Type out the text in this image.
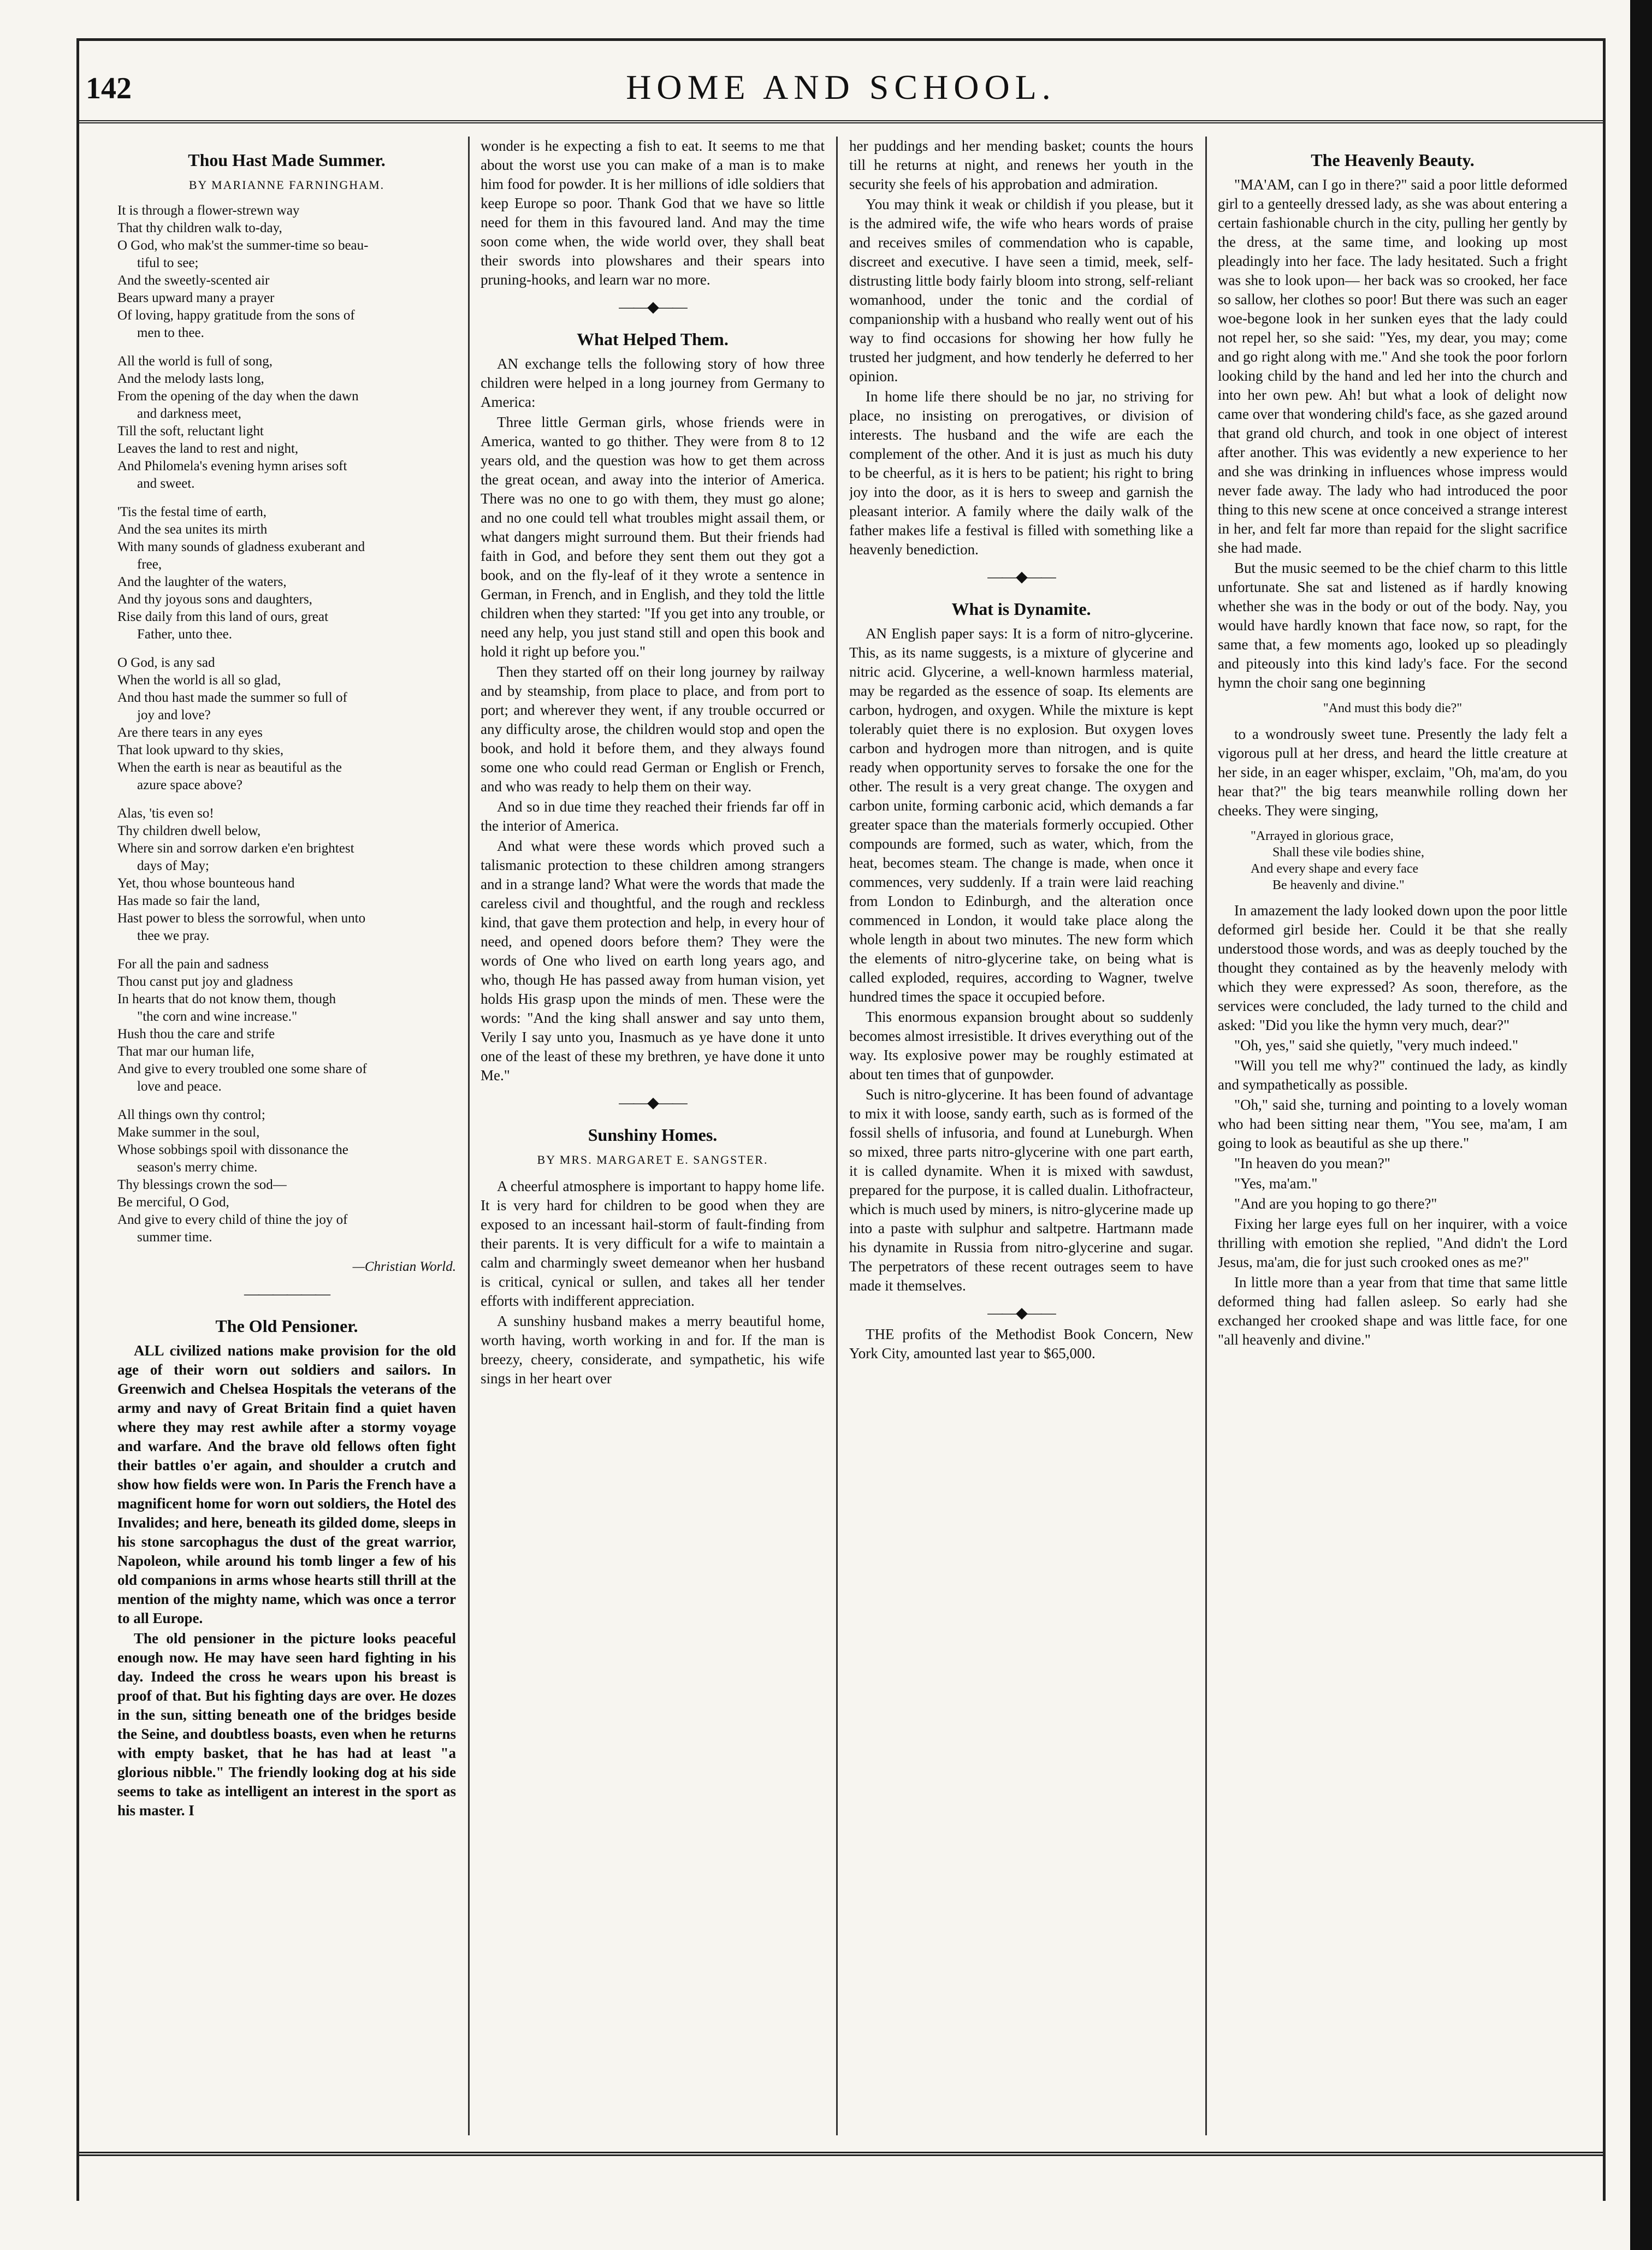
142	HOME AND SCHOOL.
Thou Hast Made Summer.
BY MARIANNE FARNINGHAM.
It is through a flower-strewn way
That thy children walk to-day,
O God, who mak'st the summer-time so beau-
tiful to see;
And the sweetly-scented air
Bears upward many a prayer
Of loving, happy gratitude from the sons of
men to thee.
All the world is full of song,
And the melody lasts long,
From the opening of the day when the dawn
and darkness meet,
Till the soft, reluctant light
Leaves the land to rest and night,
And Philomela's evening hymn arises soft
and sweet.
'Tis the festal time of earth,
And the sea unites its mirth
With many sounds of gladness exuberant and
free,
And the laughter of the waters,
And thy joyous sons and daughters,
Rise daily from this land of ours, great
Father, unto thee.
O God, is any sad
When the world is all so glad,
And thou hast made the summer so full of
joy and love?
Are there tears in any eyes
That look upward to thy skies,
When the earth is near as beautiful as the
azure space above?
Alas, 'tis even so!
Thy children dwell below,
Where sin and sorrow darken e'en brightest
days of May;
Yet, thou whose bounteous hand
Has made so fair the land,
Hast power to bless the sorrowful, when unto
thee we pray.
For all the pain and sadness
Thou canst put joy and gladness
In hearts that do not know them, though
"the corn and wine increase."
Hush thou the care and strife
That mar our human life,
And give to every troubled one some share of
love and peace.
All things own thy control;
Make summer in the soul,
Whose sobbings spoil with dissonance the
season's merry chime.
Thy blessings crown the sod—
Be merciful, O God,
And give to every child of thine the joy of
summer time.
—Christian World.
——————
The Old Pensioner.

ALL civilized nations make provision for the old age of their worn out soldiers and sailors. In Greenwich and Chelsea Hospitals the veterans of the army and navy of Great Britain find a quiet haven where they may rest awhile after a stormy voyage and warfare. And the brave old fellows often fight their battles o'er again, and shoulder a crutch and show how fields were won. In Paris the French have a magnificent home for worn out soldiers, the Hotel des Invalides; and here, beneath its gilded dome, sleeps in his stone sarcophagus the dust of the great warrior, Napoleon, while around his tomb linger a few of his old companions in arms whose hearts still thrill at the mention of the mighty name, which was once a terror to all Europe.

The old pensioner in the picture looks peaceful enough now. He may have seen hard fighting in his day. Indeed the cross he wears upon his breast is proof of that. But his fighting days are over. He dozes in the sun, sitting beneath one of the bridges beside the Seine, and doubtless boasts, even when he returns with empty basket, that he has had at least "a glorious nibble." The friendly looking dog at his side seems to take as intelligent an interest in the sport as his master. I

wonder is he expecting a fish to eat. It seems to me that about the worst use you can make of a man is to make him food for powder. It is her millions of idle soldiers that keep Europe so poor. Thank God that we have so little need for them in this favoured land. And may the time soon come when, the wide world over, they shall beat their swords into plowshares and their spears into pruning-hooks, and learn war no more.

——◆——
What Helped Them.

AN exchange tells the following story of how three children were helped in a long journey from Germany to America:

Three little German girls, whose friends were in America, wanted to go thither. They were from 8 to 12 years old, and the question was how to get them across the great ocean, and away into the interior of America. There was no one to go with them, they must go alone; and no one could tell what troubles might assail them, or what dangers might surround them. But their friends had faith in God, and before they sent them out they got a book, and on the fly-leaf of it they wrote a sentence in German, in French, and in English, and they told the little children when they started: "If you get into any trouble, or need any help, you just stand still and open this book and hold it right up before you."

Then they started off on their long journey by railway and by steamship, from place to place, and from port to port; and wherever they went, if any trouble occurred or any difficulty arose, the children would stop and open the book, and hold it before them, and they always found some one who could read German or English or French, and who was ready to help them on their way.

And so in due time they reached their friends far off in the interior of America.

And what were these words which proved such a talismanic protection to these children among strangers and in a strange land? What were the words that made the careless civil and thoughtful, and the rough and reckless kind, that gave them protection and help, in every hour of need, and opened doors before them? They were the words of One who lived on earth long years ago, and who, though He has passed away from human vision, yet holds His grasp upon the minds of men. These were the words: "And the king shall answer and say unto them, Verily I say unto you, Inasmuch as ye have done it unto one of the least of these my brethren, ye have done it unto Me."

——◆——
Sunshiny Homes.
BY MRS. MARGARET E. SANGSTER.

A cheerful atmosphere is important to happy home life. It is very hard for children to be good when they are exposed to an incessant hail-storm of fault-finding from their parents. It is very difficult for a wife to maintain a calm and charmingly sweet demeanor when her husband is critical, cynical or sullen, and takes all her tender efforts with indifferent appreciation.

A sunshiny husband makes a merry beautiful home, worth having, worth working in and for. If the man is breezy, cheery, considerate, and sympathetic, his wife sings in her heart over

her puddings and her mending basket; counts the hours till he returns at night, and renews her youth in the security she feels of his approbation and admiration.

You may think it weak or childish if you please, but it is the admired wife, the wife who hears words of praise and receives smiles of commendation who is capable, discreet and executive. I have seen a timid, meek, self-distrusting little body fairly bloom into strong, self-reliant womanhood, under the tonic and the cordial of companionship with a husband who really went out of his way to find occasions for showing her how fully he trusted her judgment, and how tenderly he deferred to her opinion.

In home life there should be no jar, no striving for place, no insisting on prerogatives, or division of interests. The husband and the wife are each the complement of the other. And it is just as much his duty to be cheerful, as it is hers to be patient; his right to bring joy into the door, as it is hers to sweep and garnish the pleasant interior. A family where the daily walk of the father makes life a festival is filled with something like a heavenly benediction.

——◆——
What is Dynamite.

AN English paper says: It is a form of nitro-glycerine. This, as its name suggests, is a mixture of glycerine and nitric acid. Glycerine, a well-known harmless material, may be regarded as the essence of soap. Its elements are carbon, hydrogen, and oxygen. While the mixture is kept tolerably quiet there is no explosion. But oxygen loves carbon and hydrogen more than nitrogen, and is quite ready when opportunity serves to forsake the one for the other. The result is a very great change. The oxygen and carbon unite, forming carbonic acid, which demands a far greater space than the materials formerly occupied. Other compounds are formed, such as water, which, from the heat, becomes steam. The change is made, when once it commences, very suddenly. If a train were laid reaching from London to Edinburgh, and the alteration once commenced in London, it would take place along the whole length in about two minutes. The new form which the elements of nitro-glycerine take, on being what is called exploded, requires, according to Wagner, twelve hundred times the space it occupied before.

This enormous expansion brought about so suddenly becomes almost irresistible. It drives everything out of the way. Its explosive power may be roughly estimated at about ten times that of gunpowder.

Such is nitro-glycerine. It has been found of advantage to mix it with loose, sandy earth, such as is formed of the fossil shells of infusoria, and found at Luneburgh. When so mixed, three parts nitro-glycerine with one part earth, it is called dynamite. When it is mixed with sawdust, prepared for the purpose, it is called dualin. Lithofracteur, which is much used by miners, is nitro-glycerine made up into a paste with sulphur and saltpetre. Hartmann made his dynamite in Russia from nitro-glycerine and sugar. The perpetrators of these recent outrages seem to have made it themselves.

——◆——

THE profits of the Methodist Book Concern, New York City, amounted last year to $65,000.

The Heavenly Beauty.

"MA'AM, can I go in there?" said a poor little deformed girl to a genteelly dressed lady, as she was about entering a certain fashionable church in the city, pulling her gently by the dress, at the same time, and looking up most pleadingly into her face. The lady hesitated. Such a fright was she to look upon— her back was so crooked, her face so sallow, her clothes so poor! But there was such an eager woe-begone look in her sunken eyes that the lady could not repel her, so she said: "Yes, my dear, you may; come and go right along with me." And she took the poor forlorn looking child by the hand and led her into the church and into her own pew. Ah! but what a look of delight now came over that wondering child's face, as she gazed around that grand old church, and took in one object of interest after another. This was evidently a new experience to her and she was drinking in influences whose impress would never fade away. The lady who had introduced the poor thing to this new scene at once conceived a strange interest in her, and felt far more than repaid for the slight sacrifice she had made.

But the music seemed to be the chief charm to this little unfortunate. She sat and listened as if hardly knowing whether she was in the body or out of the body. Nay, you would have hardly known that face now, so rapt, for the same that, a few moments ago, looked up so pleadingly and piteously into this kind lady's face. For the second hymn the choir sang one beginning

"And must this body die?"

to a wondrously sweet tune. Presently the lady felt a vigorous pull at her dress, and heard the little creature at her side, in an eager whisper, exclaim, "Oh, ma'am, do you hear that?" the big tears meanwhile rolling down her cheeks. They were singing,

"Arrayed in glorious grace,
Shall these vile bodies shine,
And every shape and every face
Be heavenly and divine."

In amazement the lady looked down upon the poor little deformed girl beside her. Could it be that she really understood those words, and was as deeply touched by the thought they contained as by the heavenly melody with which they were expressed? As soon, therefore, as the services were concluded, the lady turned to the child and asked: "Did you like the hymn very much, dear?"

"Oh, yes," said she quietly, "very much indeed."

"Will you tell me why?" continued the lady, as kindly and sympathetically as possible.

"Oh," said she, turning and pointing to a lovely woman who had been sitting near them, "You see, ma'am, I am going to look as beautiful as she up there."

"In heaven do you mean?"

"Yes, ma'am."

"And are you hoping to go there?"

Fixing her large eyes full on her inquirer, with a voice thrilling with emotion she replied, "And didn't the Lord Jesus, ma'am, die for just such crooked ones as me?"

In little more than a year from that time that same little deformed thing had fallen asleep. So early had she exchanged her crooked shape and was little face, for one "all heavenly and divine."
